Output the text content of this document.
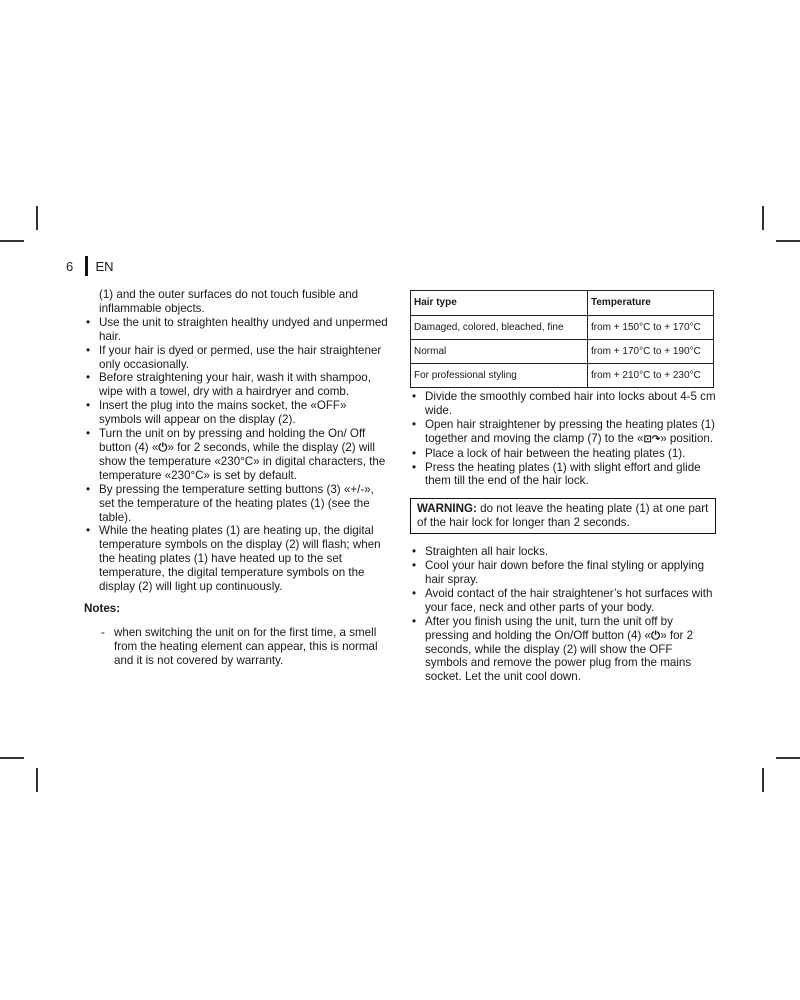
6	EN
(1) and the outer surfaces do not touch fusible and inflammable objects.
• Use the unit to straighten healthy undyed and unpermed hair.
• If your hair is dyed or permed, use the hair straightener only occasionally.
• Before straightening your hair, wash it with shampoo, wipe with a towel, dry with a hairdryer and comb.
• Insert the plug into the mains socket, the «OFF» symbols will appear on the display (2).
• Turn the unit on by pressing and holding the On/ Off button (4) «⏻» for 2 seconds, while the display (2) will show the temperature «230°C» in digital characters, the temperature «230°C» is set by default.
• By pressing the temperature setting buttons (3) «+/-», set the temperature of the heating plates (1) (see the table).
• While the heating plates (1) are heating up, the digital temperature symbols on the display (2) will flash; when the heating plates (1) have heated up to the set temperature, the digital temperature symbols on the display (2) will light up continuously.
Notes:
- when switching the unit on for the first time, a smell from the heating element can appear, this is normal and it is not covered by warranty.
Hair type	Temperature
Damaged, colored, bleached, fine	from + 150°C to + 170°C
Normal	from + 170°C to + 190°C
For professional styling	from + 210°C to + 230°C
• Divide the smoothly combed hair into locks about 4-5 cm wide.
• Open hair straightener by pressing the heating plates (1) together and moving the clamp (7) to the «⊡↷» position.
• Place a lock of hair between the heating plates (1).
• Press the heating plates (1) with slight effort and glide them till the end of the hair lock.
WARNING: do not leave the heating plate (1) at one part of the hair lock for longer than 2 seconds.
• Straighten all hair locks.
• Cool your hair down before the final styling or applying hair spray.
• Avoid contact of the hair straightener’s hot surfaces with your face, neck and other parts of your body.
• After you finish using the unit, turn the unit off by pressing and holding the On/Off button (4) «⏻» for 2 seconds, while the display (2) will show the OFF symbols and remove the power plug from the mains socket. Let the unit cool down.
